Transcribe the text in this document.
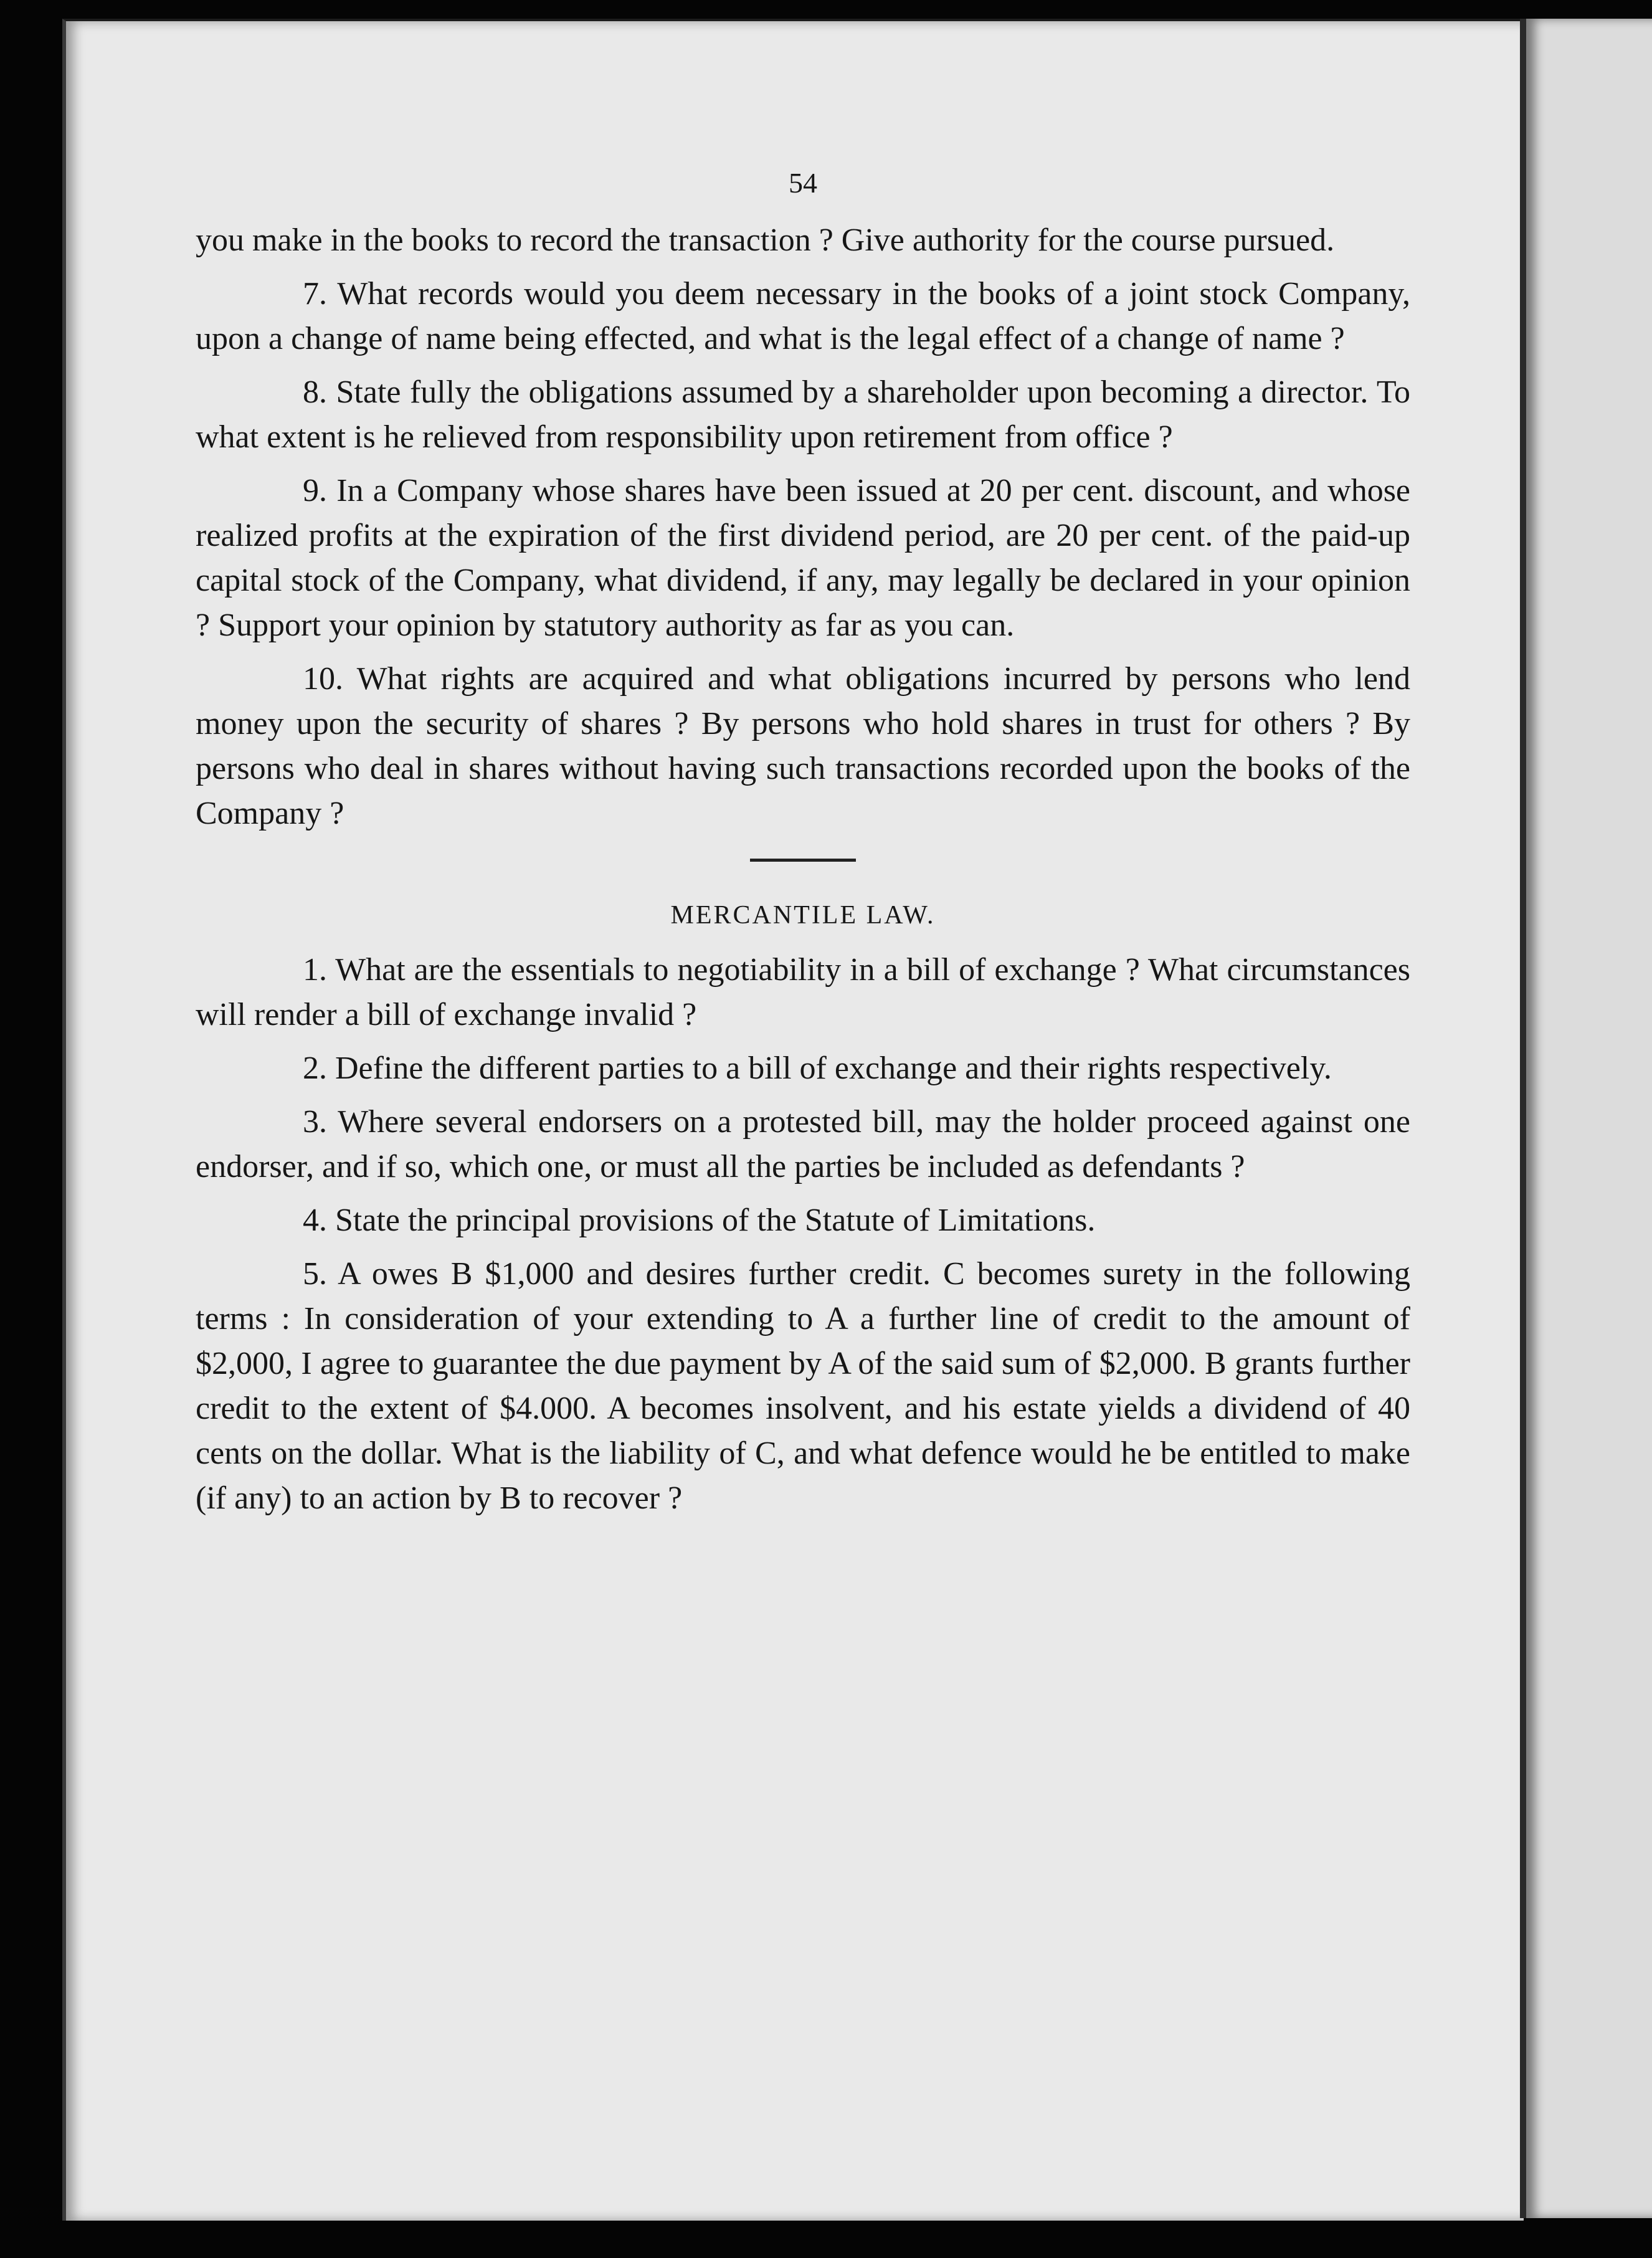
54

you make in the books to record the transaction ? Give authority for the course pursued.

7. What records would you deem necessary in the books of a joint stock Company, upon a change of name being effected, and what is the legal effect of a change of name ?

8. State fully the obligations assumed by a shareholder upon becoming a director. To what extent is he relieved from responsibility upon retirement from office ?

9. In a Company whose shares have been issued at 20 per cent. discount, and whose realized profits at the expiration of the first dividend period, are 20 per cent. of the paid-up capital stock of the Company, what dividend, if any, may legally be declared in your opinion ? Support your opinion by statutory authority as far as you can.

10. What rights are acquired and what obligations incurred by persons who lend money upon the security of shares ? By persons who hold shares in trust for others ? By persons who deal in shares without having such transactions recorded upon the books of the Company ?

MERCANTILE LAW.

1. What are the essentials to negotiability in a bill of exchange ? What circumstances will render a bill of exchange invalid ?

2. Define the different parties to a bill of exchange and their rights respectively.

3. Where several endorsers on a protested bill, may the holder proceed against one endorser, and if so, which one, or must all the parties be included as defendants ?

4. State the principal provisions of the Statute of Limitations.

5. A owes B $1,000 and desires further credit. C becomes surety in the following terms : In consideration of your extending to A a further line of credit to the amount of $2,000, I agree to guarantee the due payment by A of the said sum of $2,000. B grants further credit to the extent of $4.000. A becomes insolvent, and his estate yields a dividend of 40 cents on the dollar. What is the liability of C, and what defence would he be entitled to make (if any) to an action by B to recover ?
